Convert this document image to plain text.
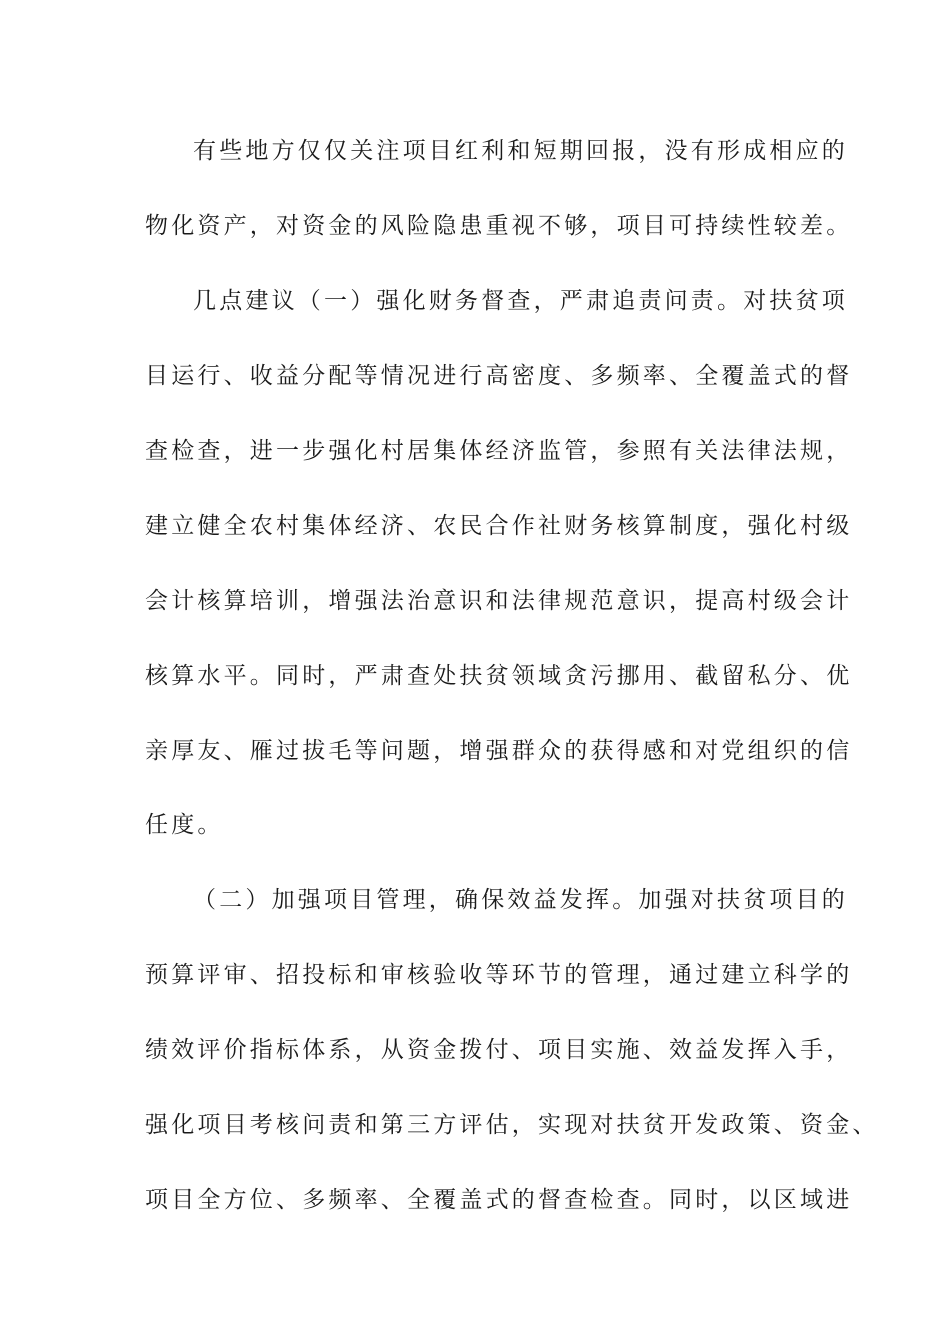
有些地方仅仅关注项目红利和短期回报，没有形成相应的
物化资产，对资金的风险隐患重视不够，项目可持续性较差。
几点建议（一）强化财务督查，严肃追责问责。对扶贫项
目运行、收益分配等情况进行高密度、多频率、全覆盖式的督
查检查，进一步强化村居集体经济监管，参照有关法律法规，
建立健全农村集体经济、农民合作社财务核算制度，强化村级
会计核算培训，增强法治意识和法律规范意识，提高村级会计
核算水平。同时，严肃查处扶贫领域贪污挪用、截留私分、优
亲厚友、雁过拔毛等问题，增强群众的获得感和对党组织的信
任度。
（二）加强项目管理，确保效益发挥。加强对扶贫项目的
预算评审、招投标和审核验收等环节的管理，通过建立科学的
绩效评价指标体系，从资金拨付、项目实施、效益发挥入手，
强化项目考核问责和第三方评估，实现对扶贫开发政策、资金、
项目全方位、多频率、全覆盖式的督查检查。同时，以区域进
